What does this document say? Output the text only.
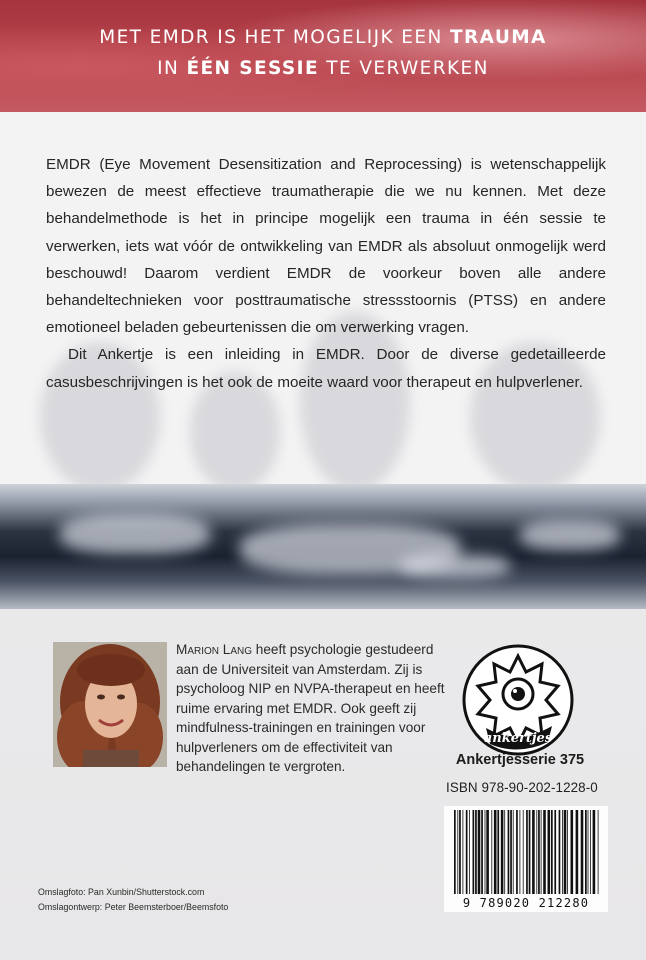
MET EMDR IS HET MOGELIJK EEN TRAUMA
IN ÉÉN SESSIE TE VERWERKEN

EMDR (Eye Movement Desensitization and Reprocessing) is wetenschappelijk bewezen de meest effectieve traumatherapie die we nu kennen. Met deze behandelmethode is het in principe mogelijk een trauma in één sessie te verwerken, iets wat vóór de ontwikkeling van EMDR als absoluut onmogelijk werd beschouwd! Daarom verdient EMDR de voorkeur boven alle andere behandeltechnieken voor posttraumatische stressstoornis (PTSS) en andere emotioneel beladen gebeurtenissen die om verwerking vragen.

Dit Ankertje is een inleiding in EMDR. Door de diverse gedetailleerde casusbeschrijvingen is het ook de moeite waard voor therapeut en hulpverlener.

Marion Lang heeft psychologie gestudeerd aan de Universiteit van Amsterdam. Zij is psycholoog NIP en NVPA-therapeut en heeft ruime ervaring met EMDR. Ook geeft zij mindfulness-trainingen en trainingen voor hulpverleners om de effectiviteit van behandelingen te vergroten.

ankertjes
Ankertjesserie 375
ISBN 978-90-202-1228-0
9 789020 212280
Omslagfoto: Pan Xunbin/Shutterstock.com
Omslagontwerp: Peter Beemsterboer/Beemsfoto
